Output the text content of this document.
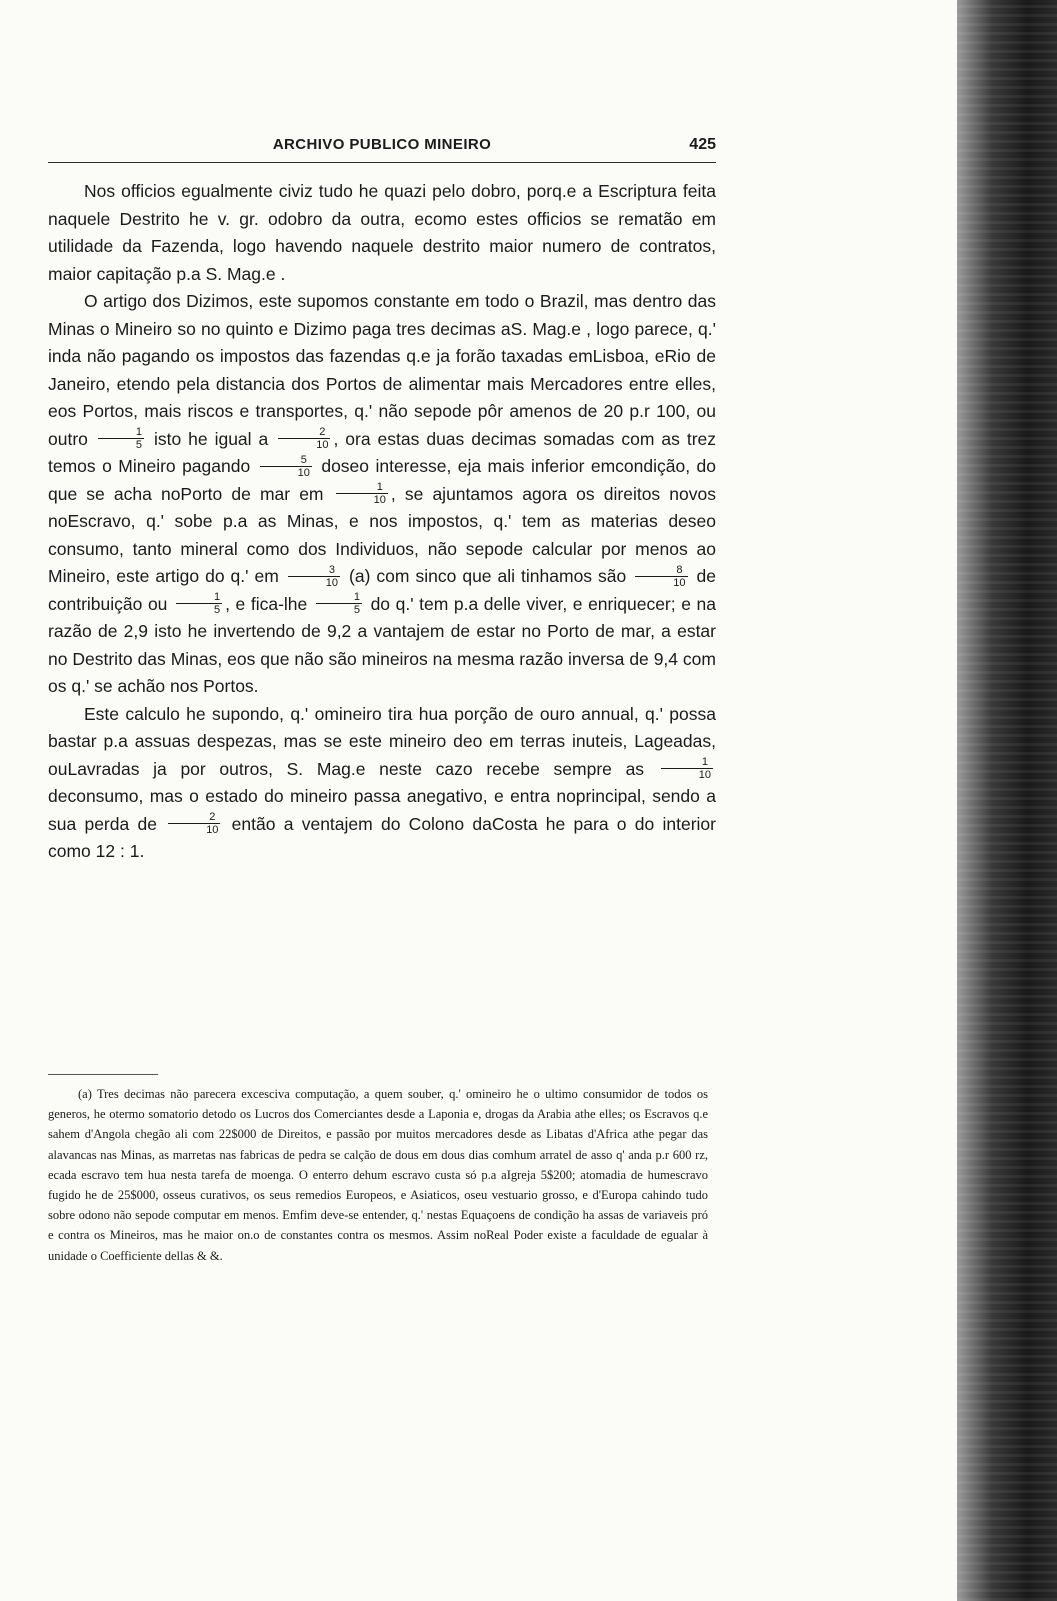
ARCHIVO PUBLICO MINEIRO	425

Nos officios egualmente civiz tudo he quazi pelo dobro, porq.e a Escriptura feita naquele Destrito he v. gr. odobro da outra, ecomo estes officios se rematão em utilidade da Fazenda, logo havendo naquele destrito maior numero de contratos, maior capitação p.a S. Mag.e .

O artigo dos Dizimos, este supomos constante em todo o Brazil, mas dentro das Minas o Mineiro so no quinto e Dizimo paga tres decimas aS. Mag.e , logo parece, q.' inda não pagando os impostos das fazendas q.e ja forão taxadas emLisboa, eRio de Janeiro, etendo pela distancia dos Portos de alimentar mais Mercadores entre elles, eos Portos, mais riscos e transportes, q.' não sepode pôr amenos de 20 p.r 100, ou outro $\frac{1}{5}$ isto he igual a $\frac{2}{10}$ , ora estas duas decimas somadas com as trez temos o Mineiro pagando $\frac{5}{10}$ doseo interesse, eja mais inferior emcondição, do que se acha noPorto de mar em $\frac{1}{10}$ , se ajuntamos agora os direitos novos noEscravo, q.' sobe p.a as Minas, e nos impostos, q.' tem as materias deseo consumo, tanto mineral como dos Individuos, não sepode calcular por menos ao Mineiro, este artigo do q.' em $\frac{3}{10} (a)$ com sinco que ali tinhamos são $\frac{8}{10}$ de contribuição ou $\frac{1}{5}$ , e fica-lhe $\frac{1}{5}$ do q.' tem p.a delle viver, e enriquecer; e na razão de 2,9 isto he invertendo de 9,2 a vantajem de estar no Porto de mar, a estar no Destrito das Minas, eos que não são mineiros na mesma razão inversa de 9,4 com os q.' se achão nos Portos.

Este calculo he supondo, q.' omineiro tira hua porção de ouro annual, q.' possa bastar p.a assuas despezas, mas se este mineiro deo em terras inuteis, Lageadas, ouLavradas ja por outros, S. Mag.e neste cazo recebe sempre as $\frac{1}{10}$
deconsumo, mas o estado do mineiro passa anegativo, e entra noprincipal, sendo a sua perda de $\frac{2}{10}$ então a ventajem do Colono daCosta he para o do interior como 12 : 1.

(a) Tres decimas não parecera excesciva computação, a quem souber, q.' omineiro he o ultimo consumidor de todos os generos, he otermo somatorio detodo os Lucros dos Comerciantes desde a Laponia e, drogas da Arabia athe elles; os Escravos q.e sahem d'Angola chegão ali com 22$000 de Direitos, e passão por muitos mercadores desde as Libatas d'Africa athe pegar das alavancas nas Minas, as marretas nas fabricas de pedra se calção de dous em dous dias comhum arratel de asso q' anda p.r 600 rz, ecada escravo tem hua nesta tarefa de moenga. O enterro dehum escravo custa só p.a aIgreja 5$200; atomadia de humescravo fugido he de 25$000, osseus curativos, os seus remedios Europeos, e Asiaticos, oseu vestuario grosso, e d'Europa cahindo tudo sobre odono não sepode computar em menos. Emfim deve-se entender, q.' nestas Equaçoens de condição ha assas de variaveis pró e contra os Mineiros, mas he maior on.o de constantes contra os mesmos. Assim noReal Poder existe a faculdade de egualar à unidade o Coefficiente dellas & &.
